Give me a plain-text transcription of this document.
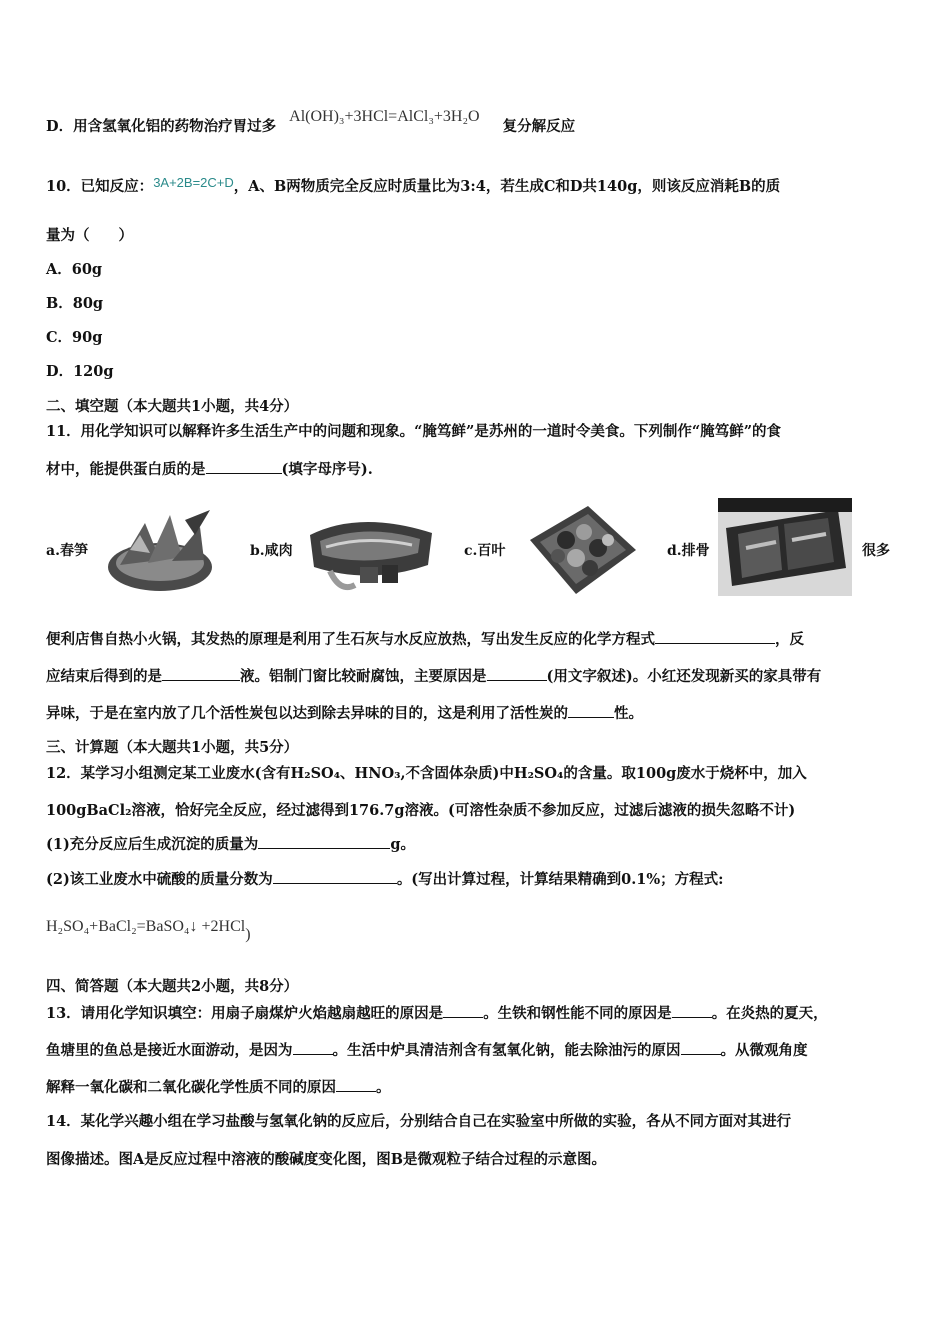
D．用含氢氧化铝的药物治疗胃过多 Al(OH)₃+3HCl=AlCl₃+3H₂O 复分解反应
10．已知反应：3A+2B=2C+D，A、B两物质完全反应时质量比为3:4，若生成C和D共140g，则该反应消耗B的质
量为（　　）
A．60g
B．80g
C．90g
D．120g
二、填空题（本大题共1小题，共4分）
11．用化学知识可以解释许多生活生产中的问题和现象。“腌笃鲜”是苏州的一道时令美食。下列制作“腌笃鲜”的食
材中，能提供蛋白质的是	(填字母序号).
a.春笋	b.咸肉	c.百叶	d.排骨	很多
便利店售自热小火锅，其发热的原理是利用了生石灰与水反应放热，写出发生反应的化学方程式	，反
应结束后得到的是	液。铝制门窗比较耐腐蚀，主要原因是	(用文字叙述)。小红还发现新买的家具带有
异味，于是在室内放了几个活性炭包以达到除去异味的目的，这是利用了活性炭的	性。
三、计算题（本大题共1小题，共5分）
12．某学习小组测定某工业废水(含有H₂SO₄、HNO₃,不含固体杂质)中H₂SO₄的含量。取100g废水于烧杯中，加入
100gBaCl₂溶液，恰好完全反应，经过滤得到176.7g溶液。(可溶性杂质不参加反应，过滤后滤液的损失忽略不计)
(1)充分反应后生成沉淀的质量为	g。
(2)该工业废水中硫酸的质量分数为	。(写出计算过程，计算结果精确到0.1%；方程式:
H₂SO₄+BaCl₂=BaSO₄↓ +2HCl)
四、简答题（本大题共2小题，共8分）
13．请用化学知识填空：用扇子扇煤炉火焰越扇越旺的原因是	。生铁和钢性能不同的原因是	。在炎热的夏天，
鱼塘里的鱼总是接近水面游动，是因为	。生活中炉具清洁剂含有氢氧化钠，能去除油污的原因	。从微观角度
解释一氧化碳和二氧化碳化学性质不同的原因	。
14．某化学兴趣小组在学习盐酸与氢氧化钠的反应后，分别结合自己在实验室中所做的实验，各从不同方面对其进行
图像描述。图A是反应过程中溶液的酸碱度变化图，图B是微观粒子结合过程的示意图。
